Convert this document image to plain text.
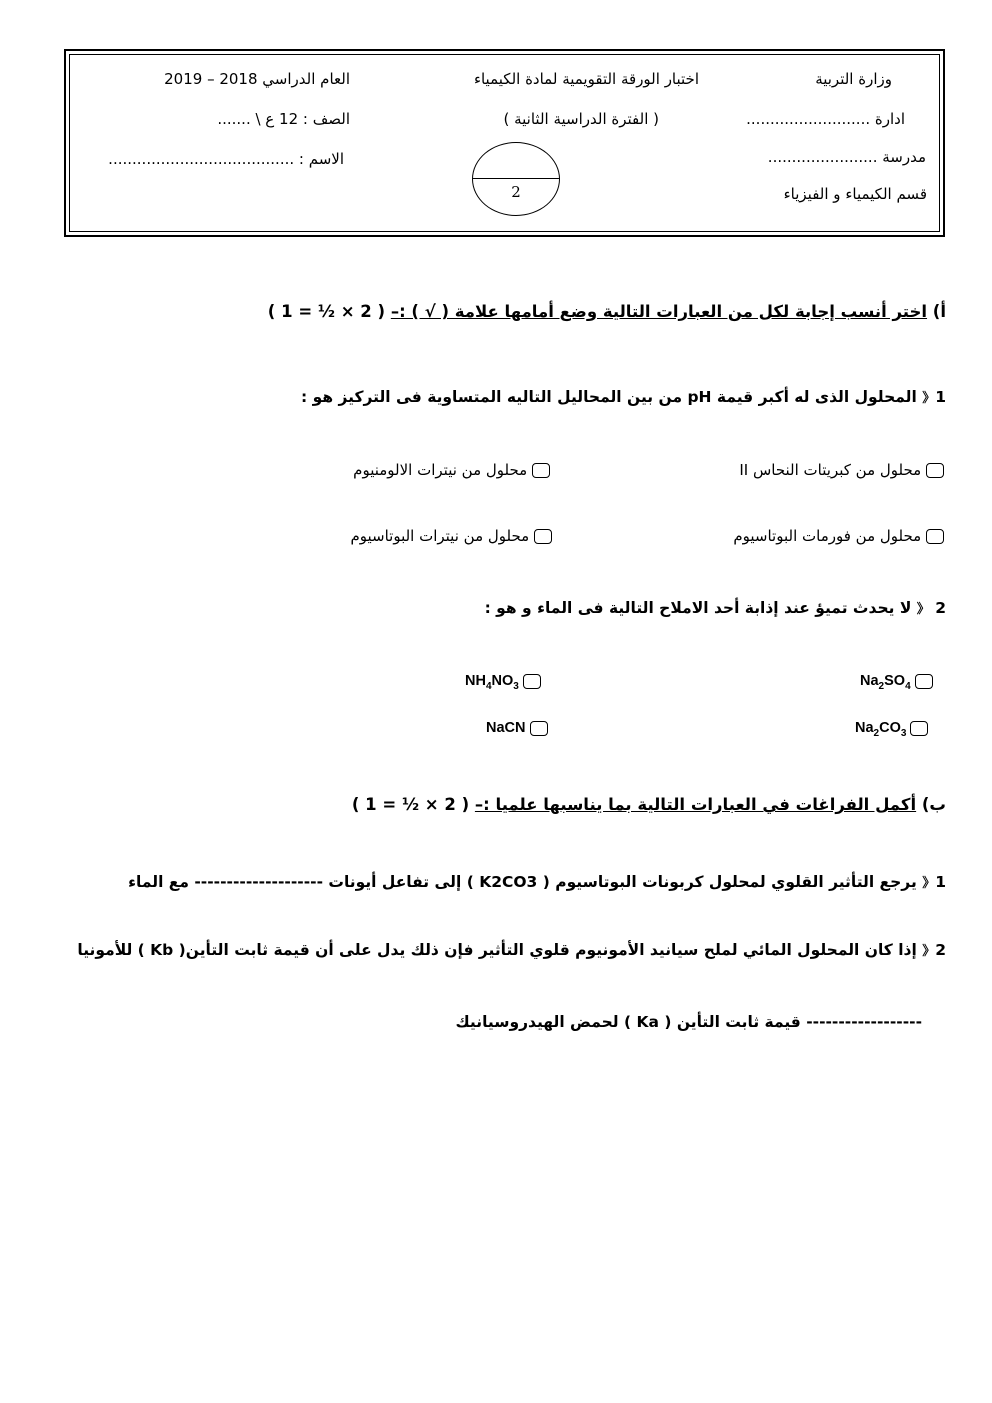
وزارة التربية
ادارة ..........................
مدرسة .......................
قسم الكيمياء و الفيزياء
اختبار الورقة التقويمية لمادة الكيمياء
( الفترة الدراسية الثانية )
العام الدراسي 2018 – 2019
الصف : 12 ع \ .......
الاسم : .......................................
2
أ) اختر أنسب إجابة لكل من العبارات التالية وضع أمامها علامة ( √ ) :– ( 2 × ½ = 1 )
1《 المحلول الذى له أكبر قيمة pH من بين المحاليل التاليه المتساوية فى التركيز هو :
محلول من كبريتات النحاس II
محلول من نيترات الالومنيوم
محلول من فورمات البوتاسيوم
محلول من نيترات البوتاسيوم
2 《 لا يحدث تميؤ عند إذابة أحد الاملاح التالية فى الماء و هو :
$Na_2SO_4$
$NH_4NO_3$
$Na_2CO_3$
NaCN
ب) أكمل الفراغات في العبارات التالية بما يناسبها علميا :– ( 2 × ½ = 1 )
1《 يرجع التأثير القلوي لمحلول كربونات البوتاسيوم ( K2CO3 ) إلى تفاعل أيونات -------------------- مع الماء
2《 إذا كان المحلول المائي لملح سيانيد الأمونيوم قلوي التأثير فإن ذلك يدل على أن قيمة ثابت التأين( Kb ) للأمونيا
------------------ قيمة ثابت التأين ( Ka ) لحمض الهيدروسيانيك
